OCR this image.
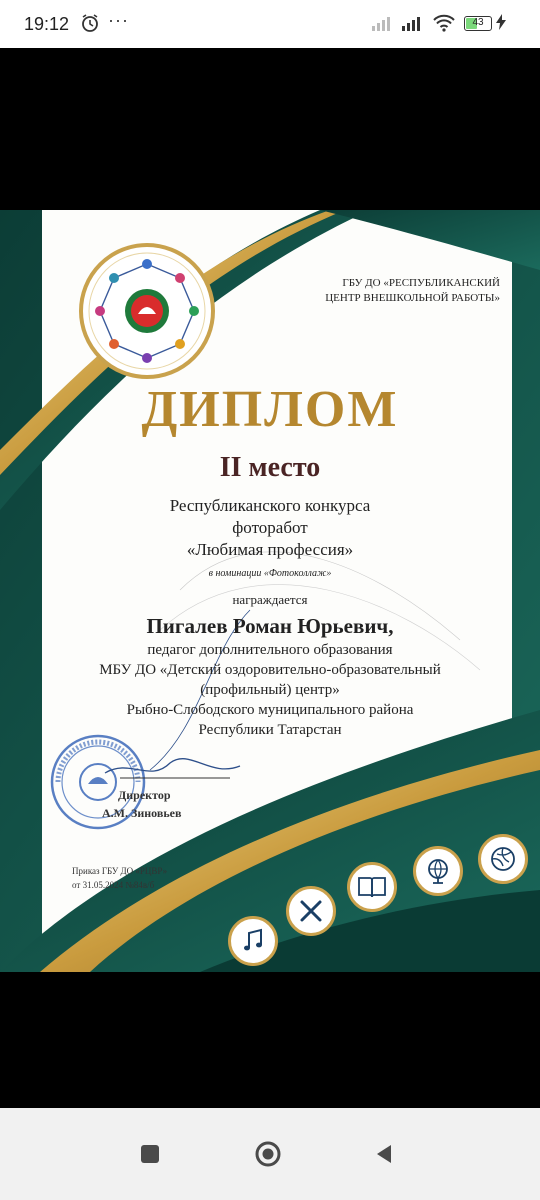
19:12 ···	43
ГБУ ДО «РЕСПУБЛИКАНСКИЙ
ЦЕНТР ВНЕШКОЛЬНОЙ РАБОТЫ»
ДИПЛОМ
II место
Республиканского конкурса
фоторабот
«Любимая профессия»
в номинации «Фотоколлаж»
награждается
Пигалев Роман Юрьевич,
педагог дополнительного образования
МБУ ДО «Детский оздоровительно-образовательный
(профильный) центр»
Рыбно-Слободского муниципального района
Республики Татарстан
Директор
А.М. Зиновьев
Приказ ГБУ ДО «РЦВР»
от 31.05.2024 №84в/б
